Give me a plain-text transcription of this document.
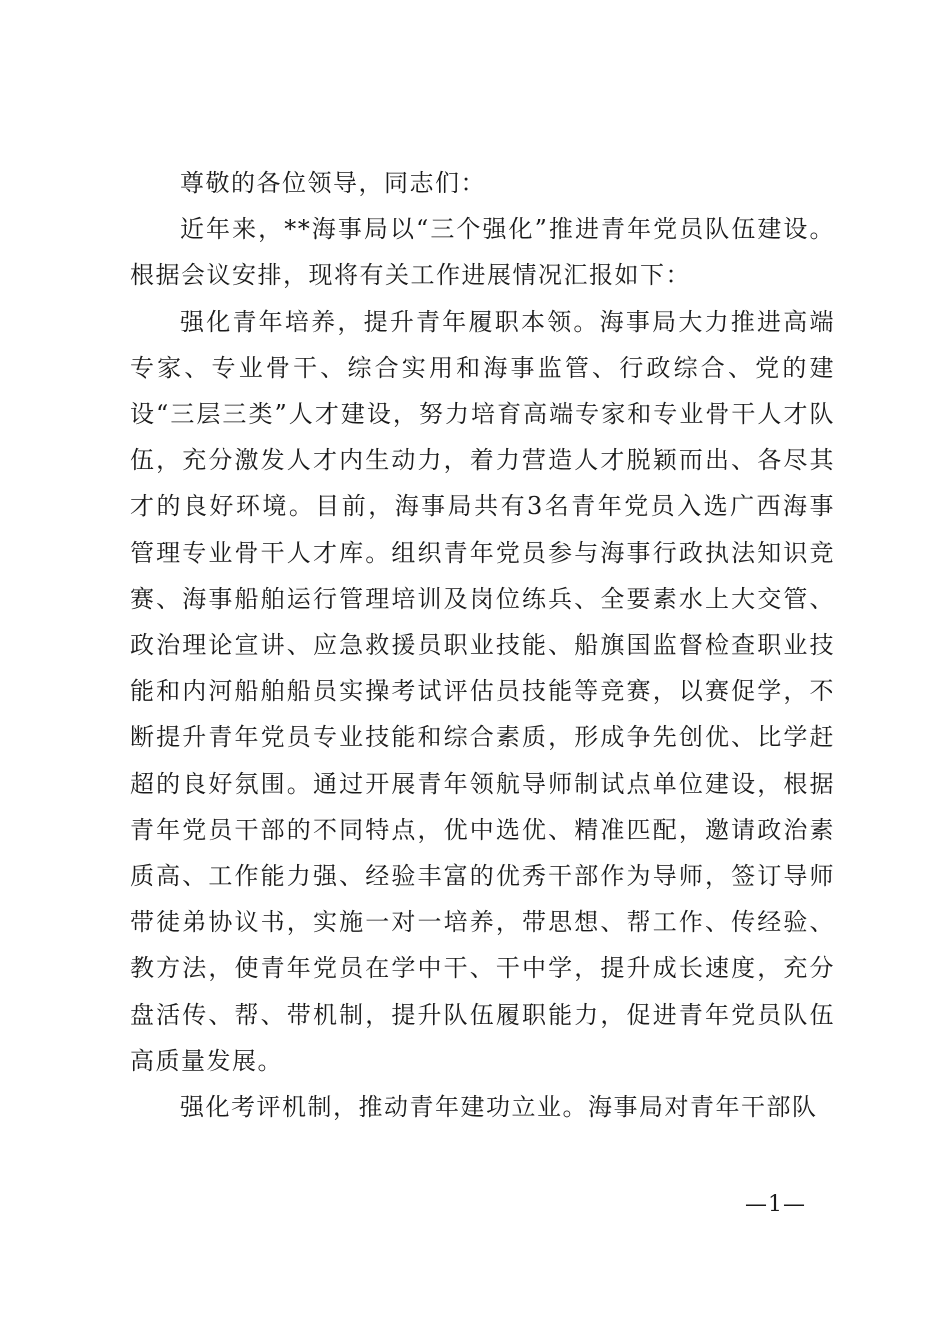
尊敬的各位领导，同志们：

近年来，**海事局以“三个强化”推进青年党员队伍建设。根据会议安排，现将有关工作进展情况汇报如下：

强化青年培养，提升青年履职本领。海事局大力推进高端专家、专业骨干、综合实用和海事监管、行政综合、党的建设“三层三类”人才建设，努力培育高端专家和专业骨干人才队伍，充分激发人才内生动力，着力营造人才脱颖而出、各尽其才的良好环境。目前，海事局共有3名青年党员入选广西海事管理专业骨干人才库。组织青年党员参与海事行政执法知识竞赛、海事船舶运行管理培训及岗位练兵、全要素水上大交管、政治理论宣讲、应急救援员职业技能、船旗国监督检查职业技能和内河船舶船员实操考试评估员技能等竞赛，以赛促学，不断提升青年党员专业技能和综合素质，形成争先创优、比学赶超的良好氛围。通过开展青年领航导师制试点单位建设，根据青年党员干部的不同特点，优中选优、精准匹配，邀请政治素质高、工作能力强、经验丰富的优秀干部作为导师，签订导师带徒弟协议书，实施一对一培养，带思想、帮工作、传经验、教方法，使青年党员在学中干、干中学，提升成长速度，充分盘活传、帮、带机制，提升队伍履职能力，促进青年党员队伍高质量发展。

强化考评机制，推动青年建功立业。海事局对青年干部队

—1—
